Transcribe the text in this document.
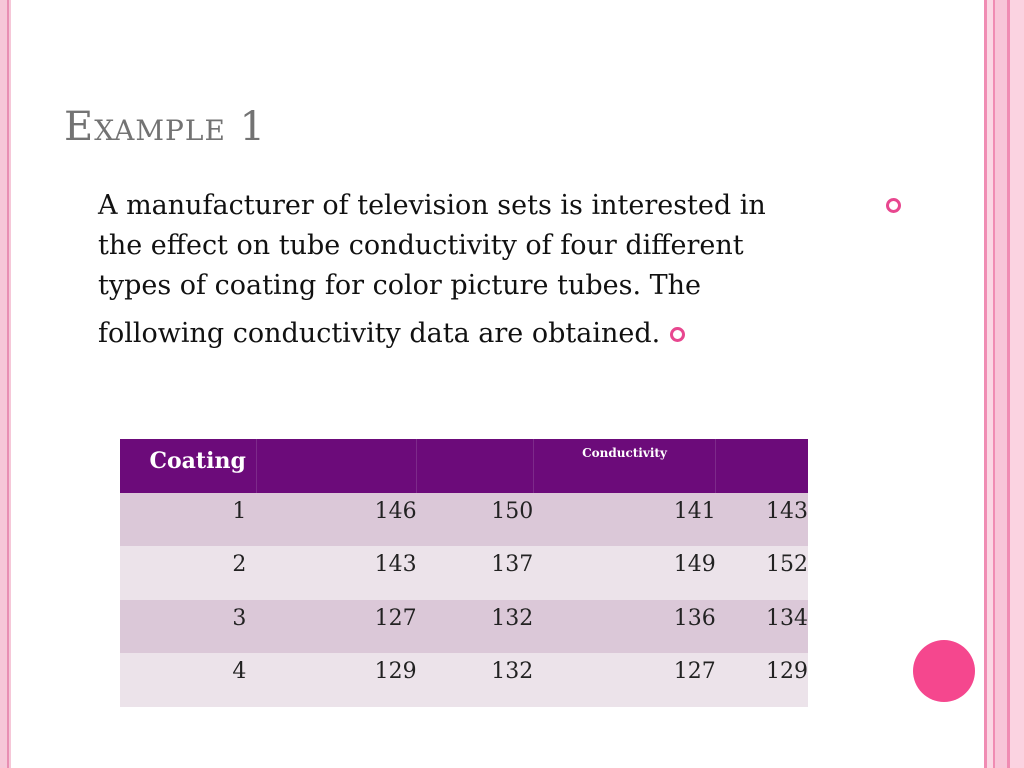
Example 1
A manufacturer of television sets is interested in
the effect on tube conductivity of four different
types of coating for color picture tubes. The
following conductivity data are obtained.
Coating			Conductivity	
1	146	150	141	143
2	143	137	149	152
3	127	132	136	134
4	129	132	127	129
